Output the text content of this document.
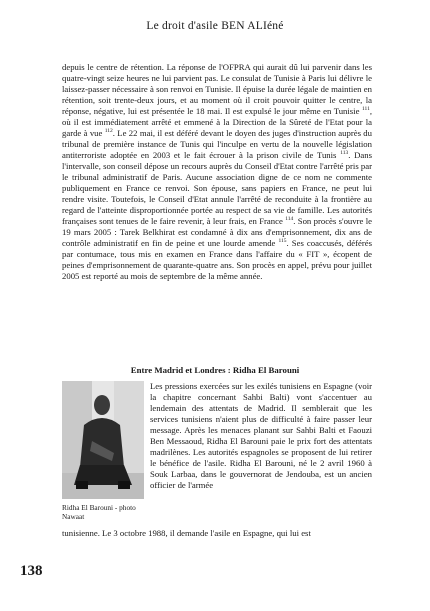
Le droit d'asile BEN ALIéné

depuis le centre de rétention. La réponse de l'OFPRA qui aurait dû lui parvenir dans les quatre-vingt seize heures ne lui parvient pas. Le consulat de Tunisie à Paris lui délivre le laissez-passer nécessaire à son renvoi en Tunisie. Il épuise la durée légale de maintien en rétention, soit trente-deux jours, et au moment où il croit pouvoir quitter le centre, la réponse, négative, lui est présentée le 18 mai. Il est expulsé le jour même en Tunisie $^{111}$, où il est immédiatement arrêté et emmené à la Direction de la Sûreté de l'Etat pour la garde à vue $^{112}$. Le 22 mai, il est déféré devant le doyen des juges d'instruction auprès du tribunal de première instance de Tunis qui l'inculpe en vertu de la nouvelle législation antiterroriste adoptée en 2003 et le fait écrouer à la prison civile de Tunis $^{113}$. Dans l'intervalle, son conseil dépose un recours auprès du Conseil d'Etat contre l'arrêté pris par le tribunal administratif de Paris. Aucune association digne de ce nom ne commente publiquement en France ce renvoi. Son épouse, sans papiers en France, ne peut lui rendre visite. Toutefois, le Conseil d'Etat annule l'arrêté de reconduite à la frontière au regard de l'atteinte disproportionnée portée au respect de sa vie de famille. Les autorités françaises sont tenues de le faire revenir, à leur frais, en France $^{114}$. Son procès s'ouvre le 19 mars 2005 : Tarek Belkhirat est condamné à dix ans d'emprisonnement, dix ans de contrôle administratif en fin de peine et une lourde amende $^{115}$. Ses coaccusés, déférés par contumace, tous mis en examen en France dans l'affaire du « FIT », écopent de peines d'emprisonnement de quarante-quatre ans. Son procès en appel, prévu pour juillet 2005 est reporté au mois de septembre de la même année.

Entre Madrid et Londres : Ridha El Barouni
Ridha El Barouni - photo Nawaat
Les pressions exercées sur les exilés tunisiens en Espagne (voir la chapitre concernant Sahbi Balti) vont s'accentuer au lendemain des attentats de Madrid. Il semblerait que les services tunisiens n'aient plus de difficulté à faire passer leur message. Après les menaces planant sur Sahbi Balti et Faouzi Ben Messaoud, Ridha El Barouni paie le prix fort des attentats madrilènes. Les autorités espagnoles se proposent de lui retirer le bénéfice de l'asile. Ridha El Barouni, né le 2 avril 1960 à Souk Larbaa, dans le gouvernorat de Jendouba, est un ancien officier de l'armée
tunisienne. Le 3 octobre 1988, il demande l'asile en Espagne, qui lui est
138
